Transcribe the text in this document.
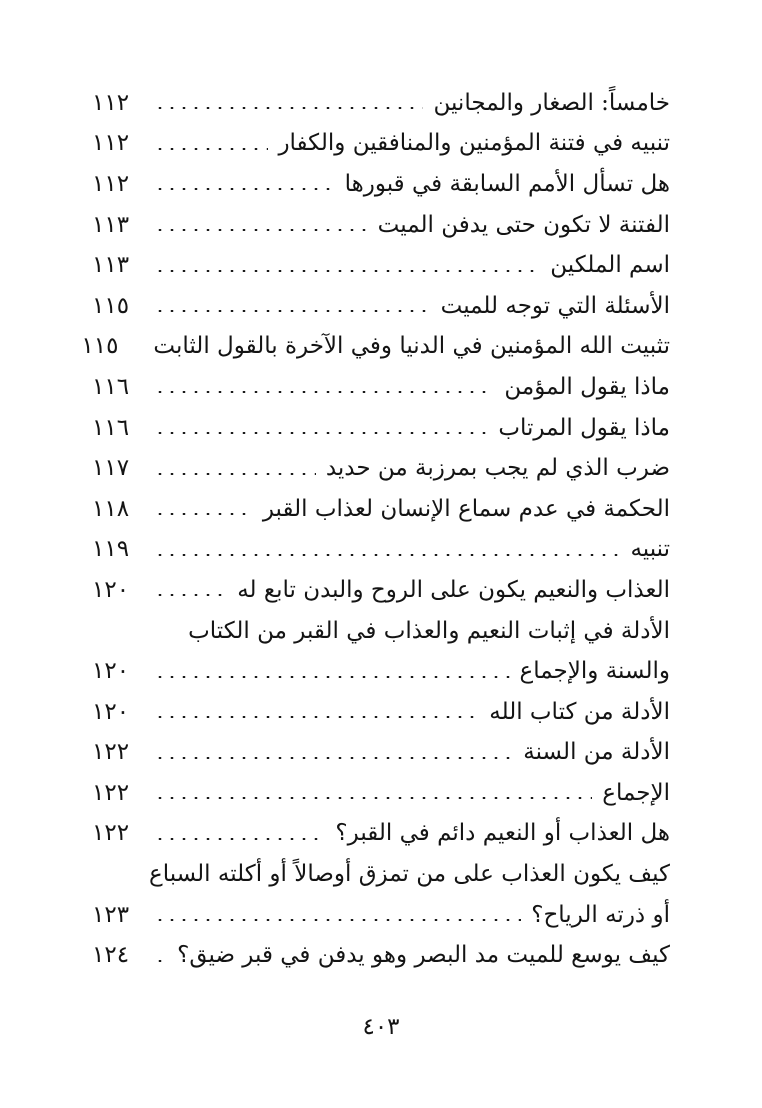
خامساً: الصغار والمجانين
١١٢
تنبيه في فتنة المؤمنين والمنافقين والكفار
١١٢
هل تسأل الأمم السابقة في قبورها
١١٢
الفتنة لا تكون حتى يدفن الميت
١١٣
اسم الملكين
١١٣
الأسئلة التي توجه للميت
١١٥
تثبيت الله المؤمنين في الدنيا وفي الآخرة بالقول الثابت
١١٥
ماذا يقول المؤمن
١١٦
ماذا يقول المرتاب
١١٦
ضرب الذي لم يجب بمرزبة من حديد
١١٧
الحكمة في عدم سماع الإنسان لعذاب القبر
١١٨
تنبيه
١١٩
العذاب والنعيم يكون على الروح والبدن تابع له
١٢٠
الأدلة في إثبات النعيم والعذاب في القبر من الكتاب
والسنة والإجماع
١٢٠
الأدلة من كتاب الله
١٢٠
الأدلة من السنة
١٢٢
الإجماع
١٢٢
هل العذاب أو النعيم دائم في القبر؟
١٢٢
كيف يكون العذاب على من تمزق أوصالاً أو أكلته السباع
أو ذرته الرياح؟
١٢٣
كيف يوسع للميت مد البصر وهو يدفن في قبر ضيق؟
١٢٤
٤٠٣
